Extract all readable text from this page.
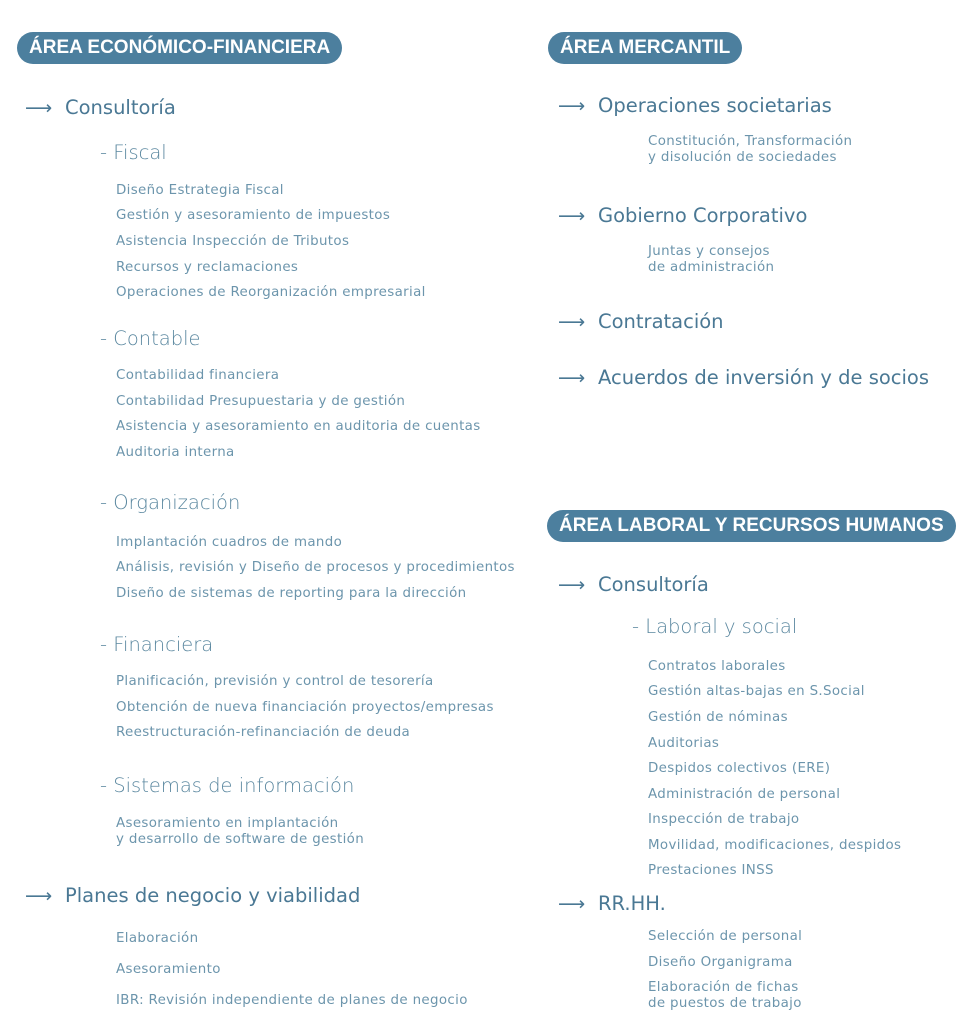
ÁREA ECONÓMICO-FINANCIERA
⟶ Consultoría
- Fiscal
Diseño Estrategia Fiscal
Gestión y asesoramiento de impuestos
Asistencia Inspección de Tributos
Recursos y reclamaciones
Operaciones de Reorganización empresarial
- Contable
Contabilidad financiera
Contabilidad Presupuestaria y de gestión
Asistencia y asesoramiento en auditoria de cuentas
Auditoria interna
- Organización
Implantación cuadros de mando
Análisis, revisión y Diseño de procesos y procedimientos
Diseño de sistemas de reporting para la dirección
- Financiera
Planificación, previsión y control de tesorería
Obtención de nueva financiación proyectos/empresas
Reestructuración-refinanciación de deuda
- Sistemas de información
Asesoramiento en implantación
y desarrollo de software de gestión
⟶ Planes de negocio y viabilidad
Elaboración
Asesoramiento
IBR: Revisión independiente de planes de negocio
ÁREA MERCANTIL
⟶ Operaciones societarias
Constitución, Transformación
y disolución de sociedades
⟶ Gobierno Corporativo
Juntas y consejos
de administración
⟶ Contratación
⟶ Acuerdos de inversión y de socios
ÁREA LABORAL Y RECURSOS HUMANOS
⟶ Consultoría
- Laboral y social
Contratos laborales
Gestión altas-bajas en S.Social
Gestión de nóminas
Auditorias
Despidos colectivos (ERE)
Administración de personal
Inspección de trabajo
Movilidad, modificaciones, despidos
Prestaciones INSS
⟶ RR.HH.
Selección de personal
Diseño Organigrama
Elaboración de fichas
de puestos de trabajo
